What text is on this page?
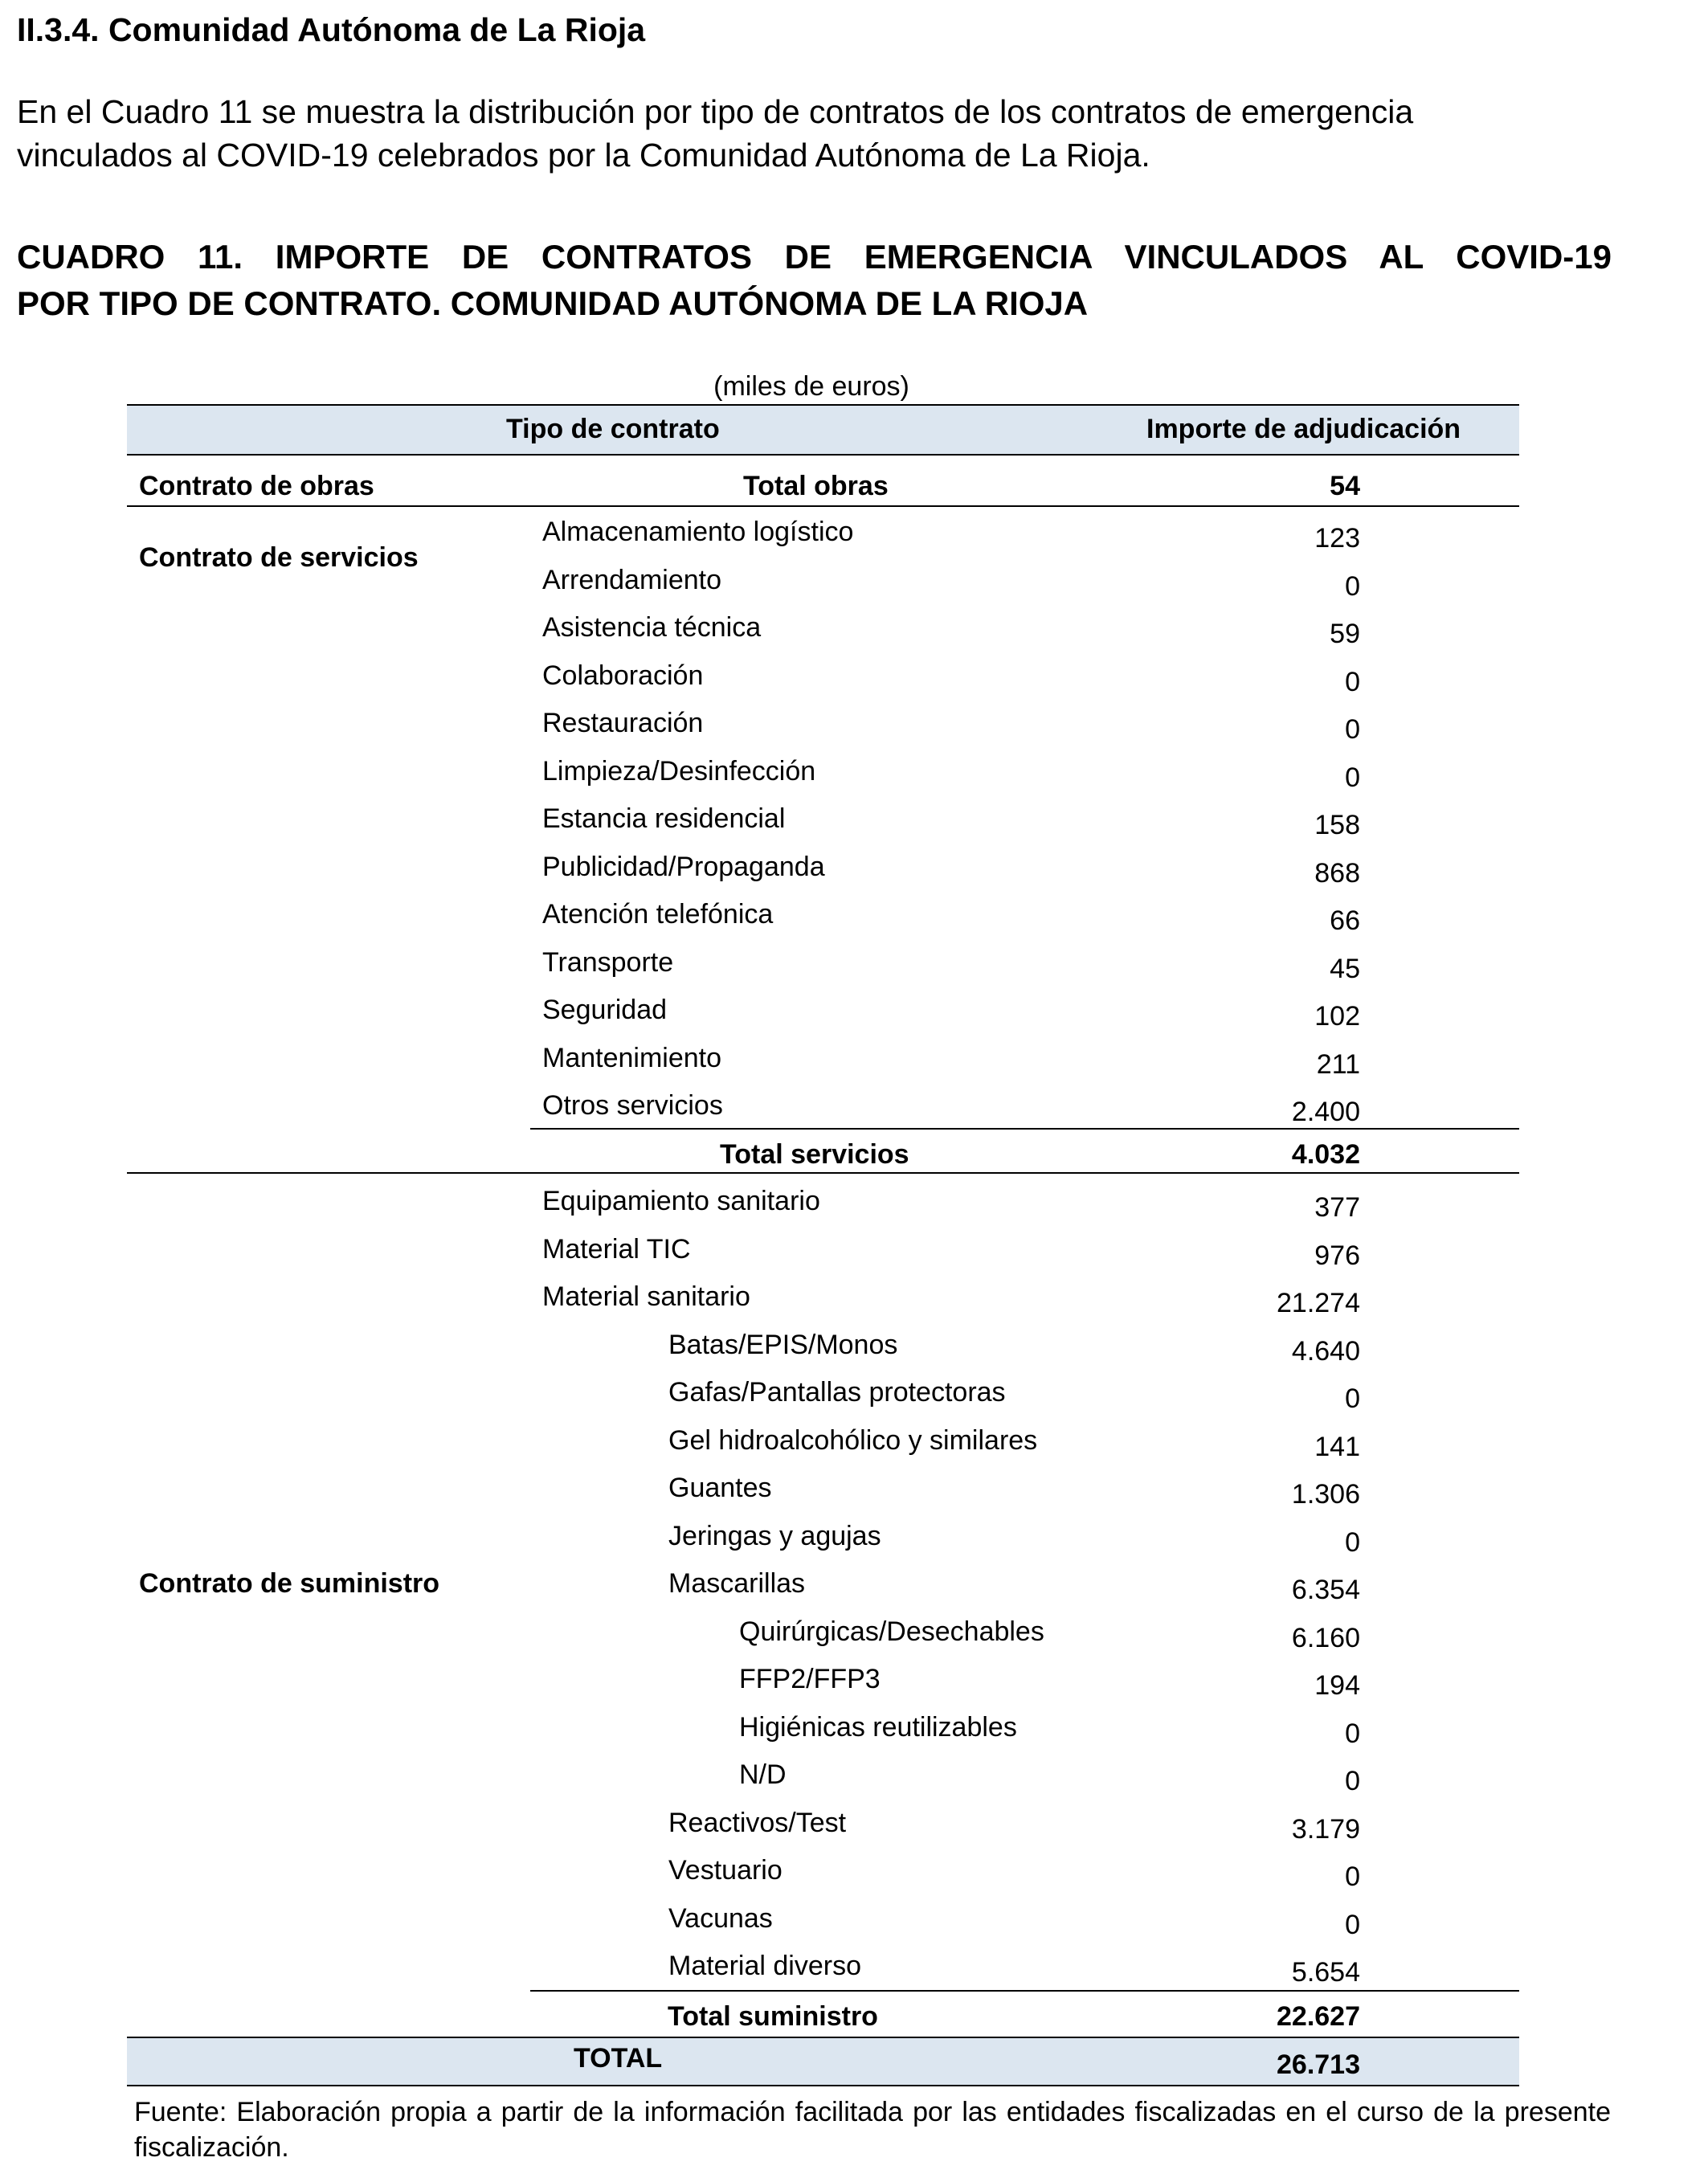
II.3.4. Comunidad Autónoma de La Rioja
En el Cuadro 11 se muestra la distribución por tipo de contratos de los contratos de emergencia
vinculados al COVID-19 celebrados por la Comunidad Autónoma de La Rioja.
CUADRO 11. IMPORTE DE CONTRATOS DE EMERGENCIA VINCULADOS AL COVID-19
POR TIPO DE CONTRATO. COMUNIDAD AUTÓNOMA DE LA RIOJA
(miles de euros)
Tipo de contrato	Importe de adjudicación
Contrato de obras	Total obras	54
Contrato de servicios
Almacenamiento logístico	123
Arrendamiento	0
Asistencia técnica	59
Colaboración	0
Restauración	0
Limpieza/Desinfección	0
Estancia residencial	158
Publicidad/Propaganda	868
Atención telefónica	66
Transporte	45
Seguridad	102
Mantenimiento	211
Otros servicios	2.400
Total servicios	4.032
Contrato de suministro
Equipamiento sanitario	377
Material TIC	976
Material sanitario	21.274
Batas/EPIS/Monos	4.640
Gafas/Pantallas protectoras	0
Gel hidroalcohólico y similares	141
Guantes	1.306
Jeringas y agujas	0
Mascarillas	6.354
Quirúrgicas/Desechables	6.160
FFP2/FFP3	194
Higiénicas reutilizables	0
N/D	0
Reactivos/Test	3.179
Vestuario	0
Vacunas	0
Material diverso	5.654
Total suministro	22.627
TOTAL	26.713
Fuente: Elaboración propia a partir de la información facilitada por las entidades fiscalizadas en el curso de la presente fiscalización.
